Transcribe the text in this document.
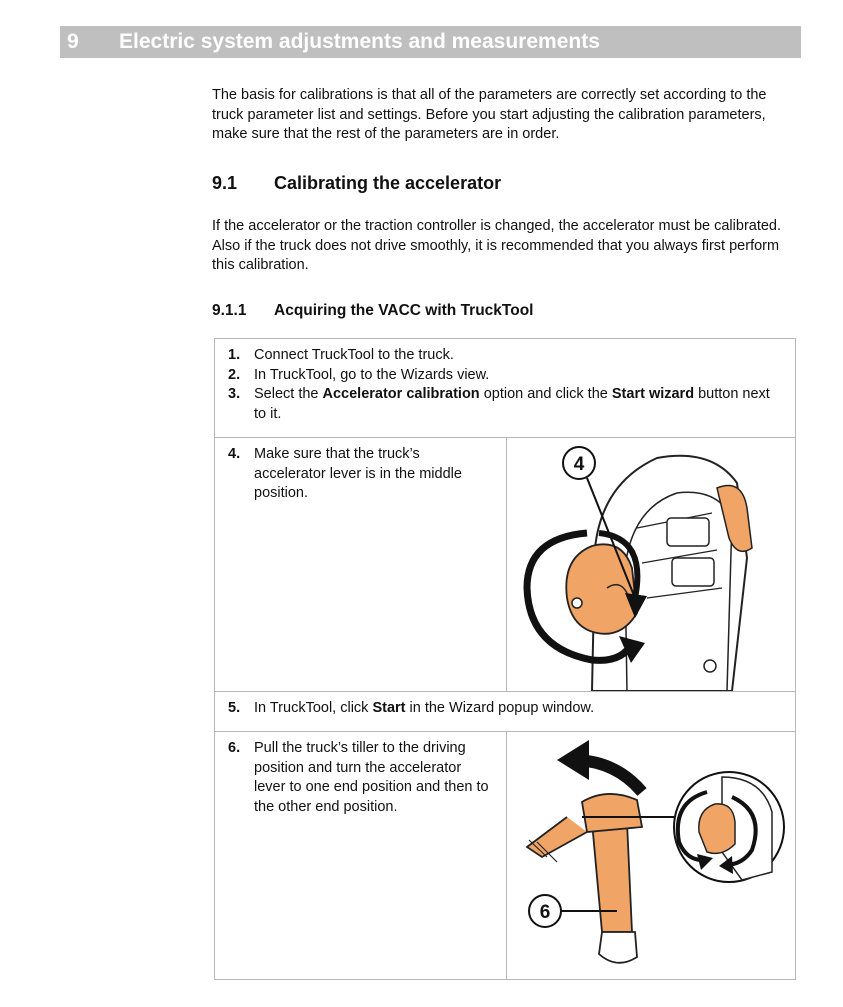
9 Electric system adjustments and measurements

The basis for calibrations is that all of the parameters are correctly set according to the truck parameter list and settings. Before you start adjusting the calibration parameters, make sure that the rest of the parameters are in order.

9.1 Calibrating the accelerator

If the accelerator or the traction controller is changed, the accelerator must be calibrated. Also if the truck does not drive smoothly, it is recommended that you always first perform this calibration.

9.1.1 Acquiring the VACC with TruckTool
1. Connect TruckTool to the truck.
2. In TruckTool, go to the Wizards view.
3. Select the Accelerator calibration option and click the Start wizard button next to it.
4. Make sure that the truck’s accelerator lever is in the middle position.
4
5. In TruckTool, click Start in the Wizard popup window.
6. Pull the truck’s tiller to the driving position and turn the accelerator lever to one end position and then to the other end position.
6
